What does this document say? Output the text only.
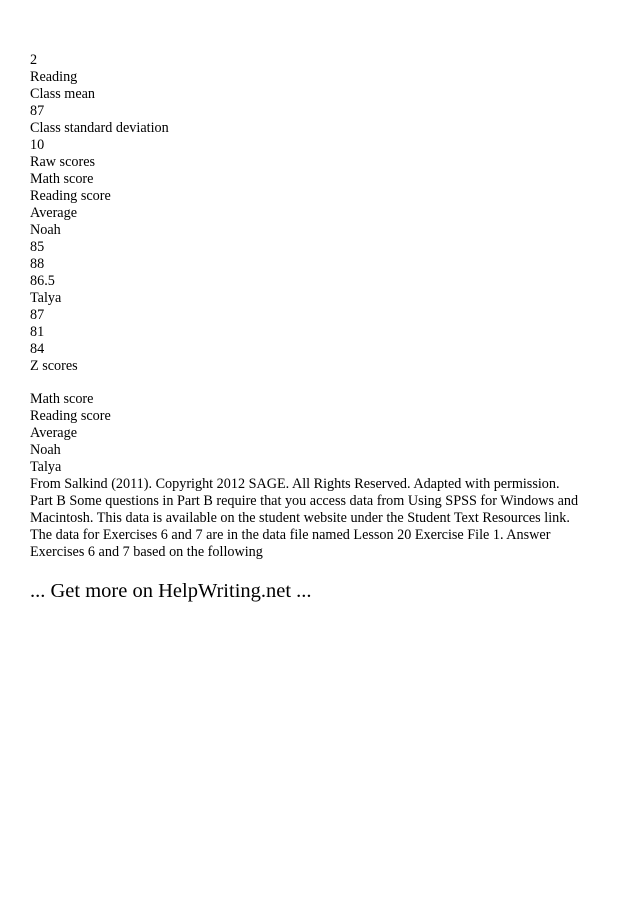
2
Reading
Class mean
87
Class standard deviation
10
Raw scores
Math score
Reading score
Average
Noah
85
88
86.5
Talya
87
81
84
Z scores
Math score
Reading score
Average
Noah
Talya
From Salkind (2011). Copyright 2012 SAGE. All Rights Reserved. Adapted with permission.
Part B Some questions in Part B require that you access data from Using SPSS for Windows and
Macintosh. This data is available on the student website under the Student Text Resources link.
The data for Exercises 6 and 7 are in the data file named Lesson 20 Exercise File 1. Answer
Exercises 6 and 7 based on the following
... Get more on HelpWriting.net ...
